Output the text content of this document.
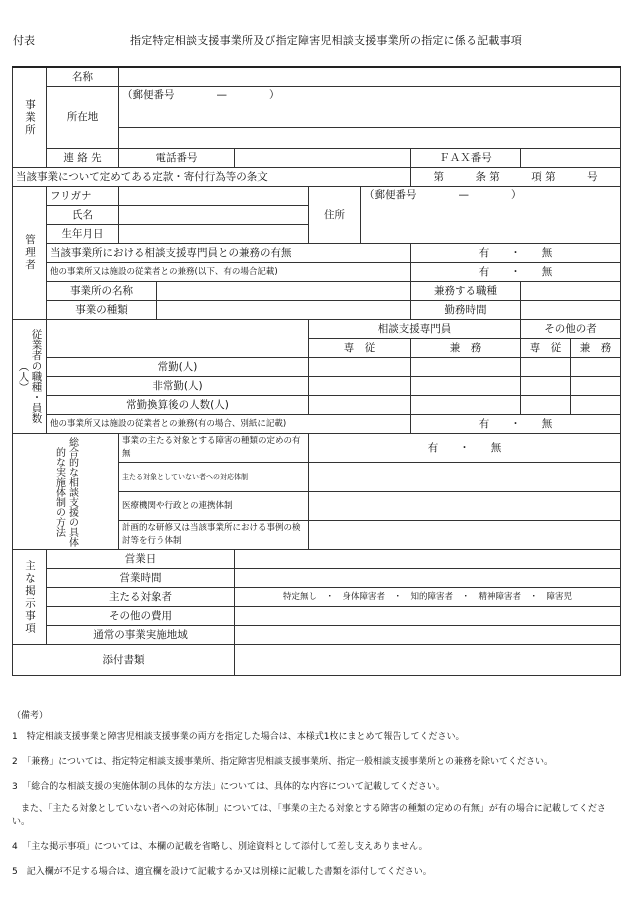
付表	指定特定相談支援事業所及び指定障害児相談支援事業所の指定に係る記載事項
事業所	名称								
	所在地	（郵便番号　　　　—　　　　）							

	連 絡 先	電話番号					ＦＡＸ番号		
当該事業について定めてある定款・寄付行為等の条文							第　　　条 第　　　項 第　　　号		
管理者	フリガナ				住所	（郵便番号　　　　—　　　　）			
	氏名								
	生年月日								
	当該事業所における相談支援専門員との兼務の有無						有　　・　　無		
	他の事業所又は施設の従業者との兼務(以下、有の場合記載)						有　　・　　無		
	事業所の名称						兼務する職種		
	事業の種類						勤務時間		
従業者の職種・員数（人）					相談支援専門員			その他の者	
					専　従		兼　務	専　従	兼　務
	常勤(人)								
	非常勤(人)								
	常勤換算後の人数(人)								
	他の事業所又は施設の従業者との兼務(有の場合、別紙に記載)						有　　・　　無		
総合的な相談支援の具体的な実施体制の方法		事業の主たる対象とする障害の種類の定めの有無			有　　・　　無				
		主たる対象としていない者への対応体制							
		医療機関や行政との連携体制							
		計画的な研修又は当該事業所における事例の検討等を行う体制							
主な掲示事項	営業日								
	営業時間								
	主たる対象者			特定無し　・　身体障害者　・　知的障害者　・　精神障害者　・　障害児					
	その他の費用								
	通常の事業実施地域								
添付書類									
（備考）

1　特定相談支援事業と障害児相談支援事業の両方を指定した場合は、本様式1枚にまとめて報告してください。

2　「兼務」については、指定特定相談支援事業所、指定障害児相談支援事業所、指定一般相談支援事業所との兼務を除いてください。

3　「総合的な相談支援の実施体制の具体的な方法」については、具体的な内容について記載してください。

　また、「主たる対象としていない者への対応体制」については、「事業の主たる対象とする障害の種類の定めの有無」が有の場合に記載してください。

4　「主な掲示事項」については、本欄の記載を省略し、別途資料として添付して差し支えありません。

5　記入欄が不足する場合は、適宜欄を設けて記載するか又は別様に記載した書類を添付してください。
